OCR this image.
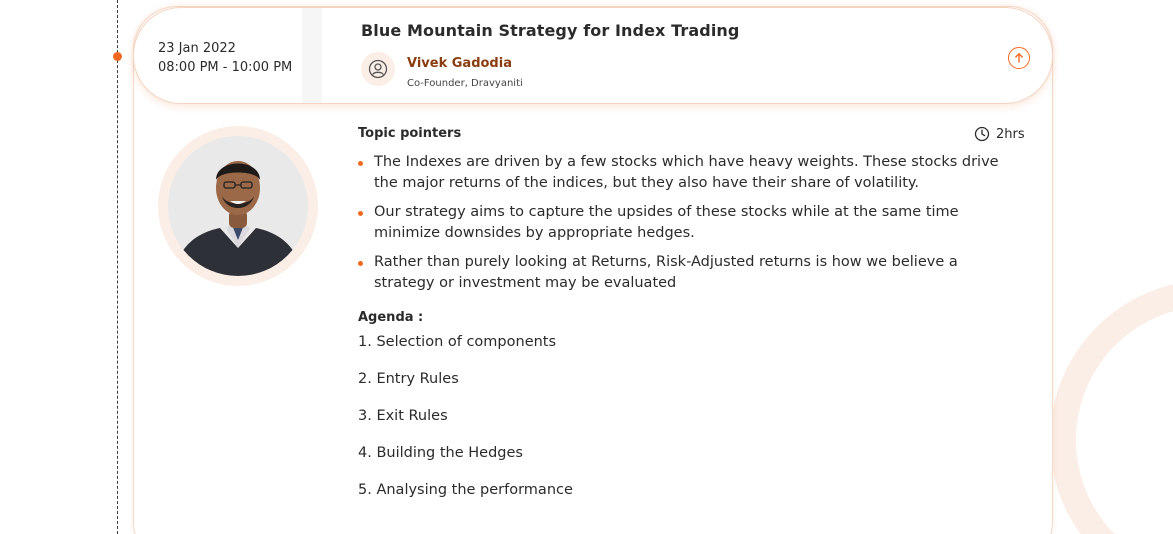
23 Jan 2022
08:00 PM - 10:00 PM
Blue Mountain Strategy for Index Trading
Vivek Gadodia
Co-Founder, Dravyaniti
Topic pointers	2hrs
The Indexes are driven by a few stocks which have heavy weights. These stocks drive the major returns of the indices, but they also have their share of volatility.
Our strategy aims to capture the upsides of these stocks while at the same time minimize downsides by appropriate hedges.
Rather than purely looking at Returns, Risk-Adjusted returns is how we believe a strategy or investment may be evaluated
Agenda :
1. Selection of components
2. Entry Rules
3. Exit Rules
4. Building the Hedges
5. Analysing the performance
